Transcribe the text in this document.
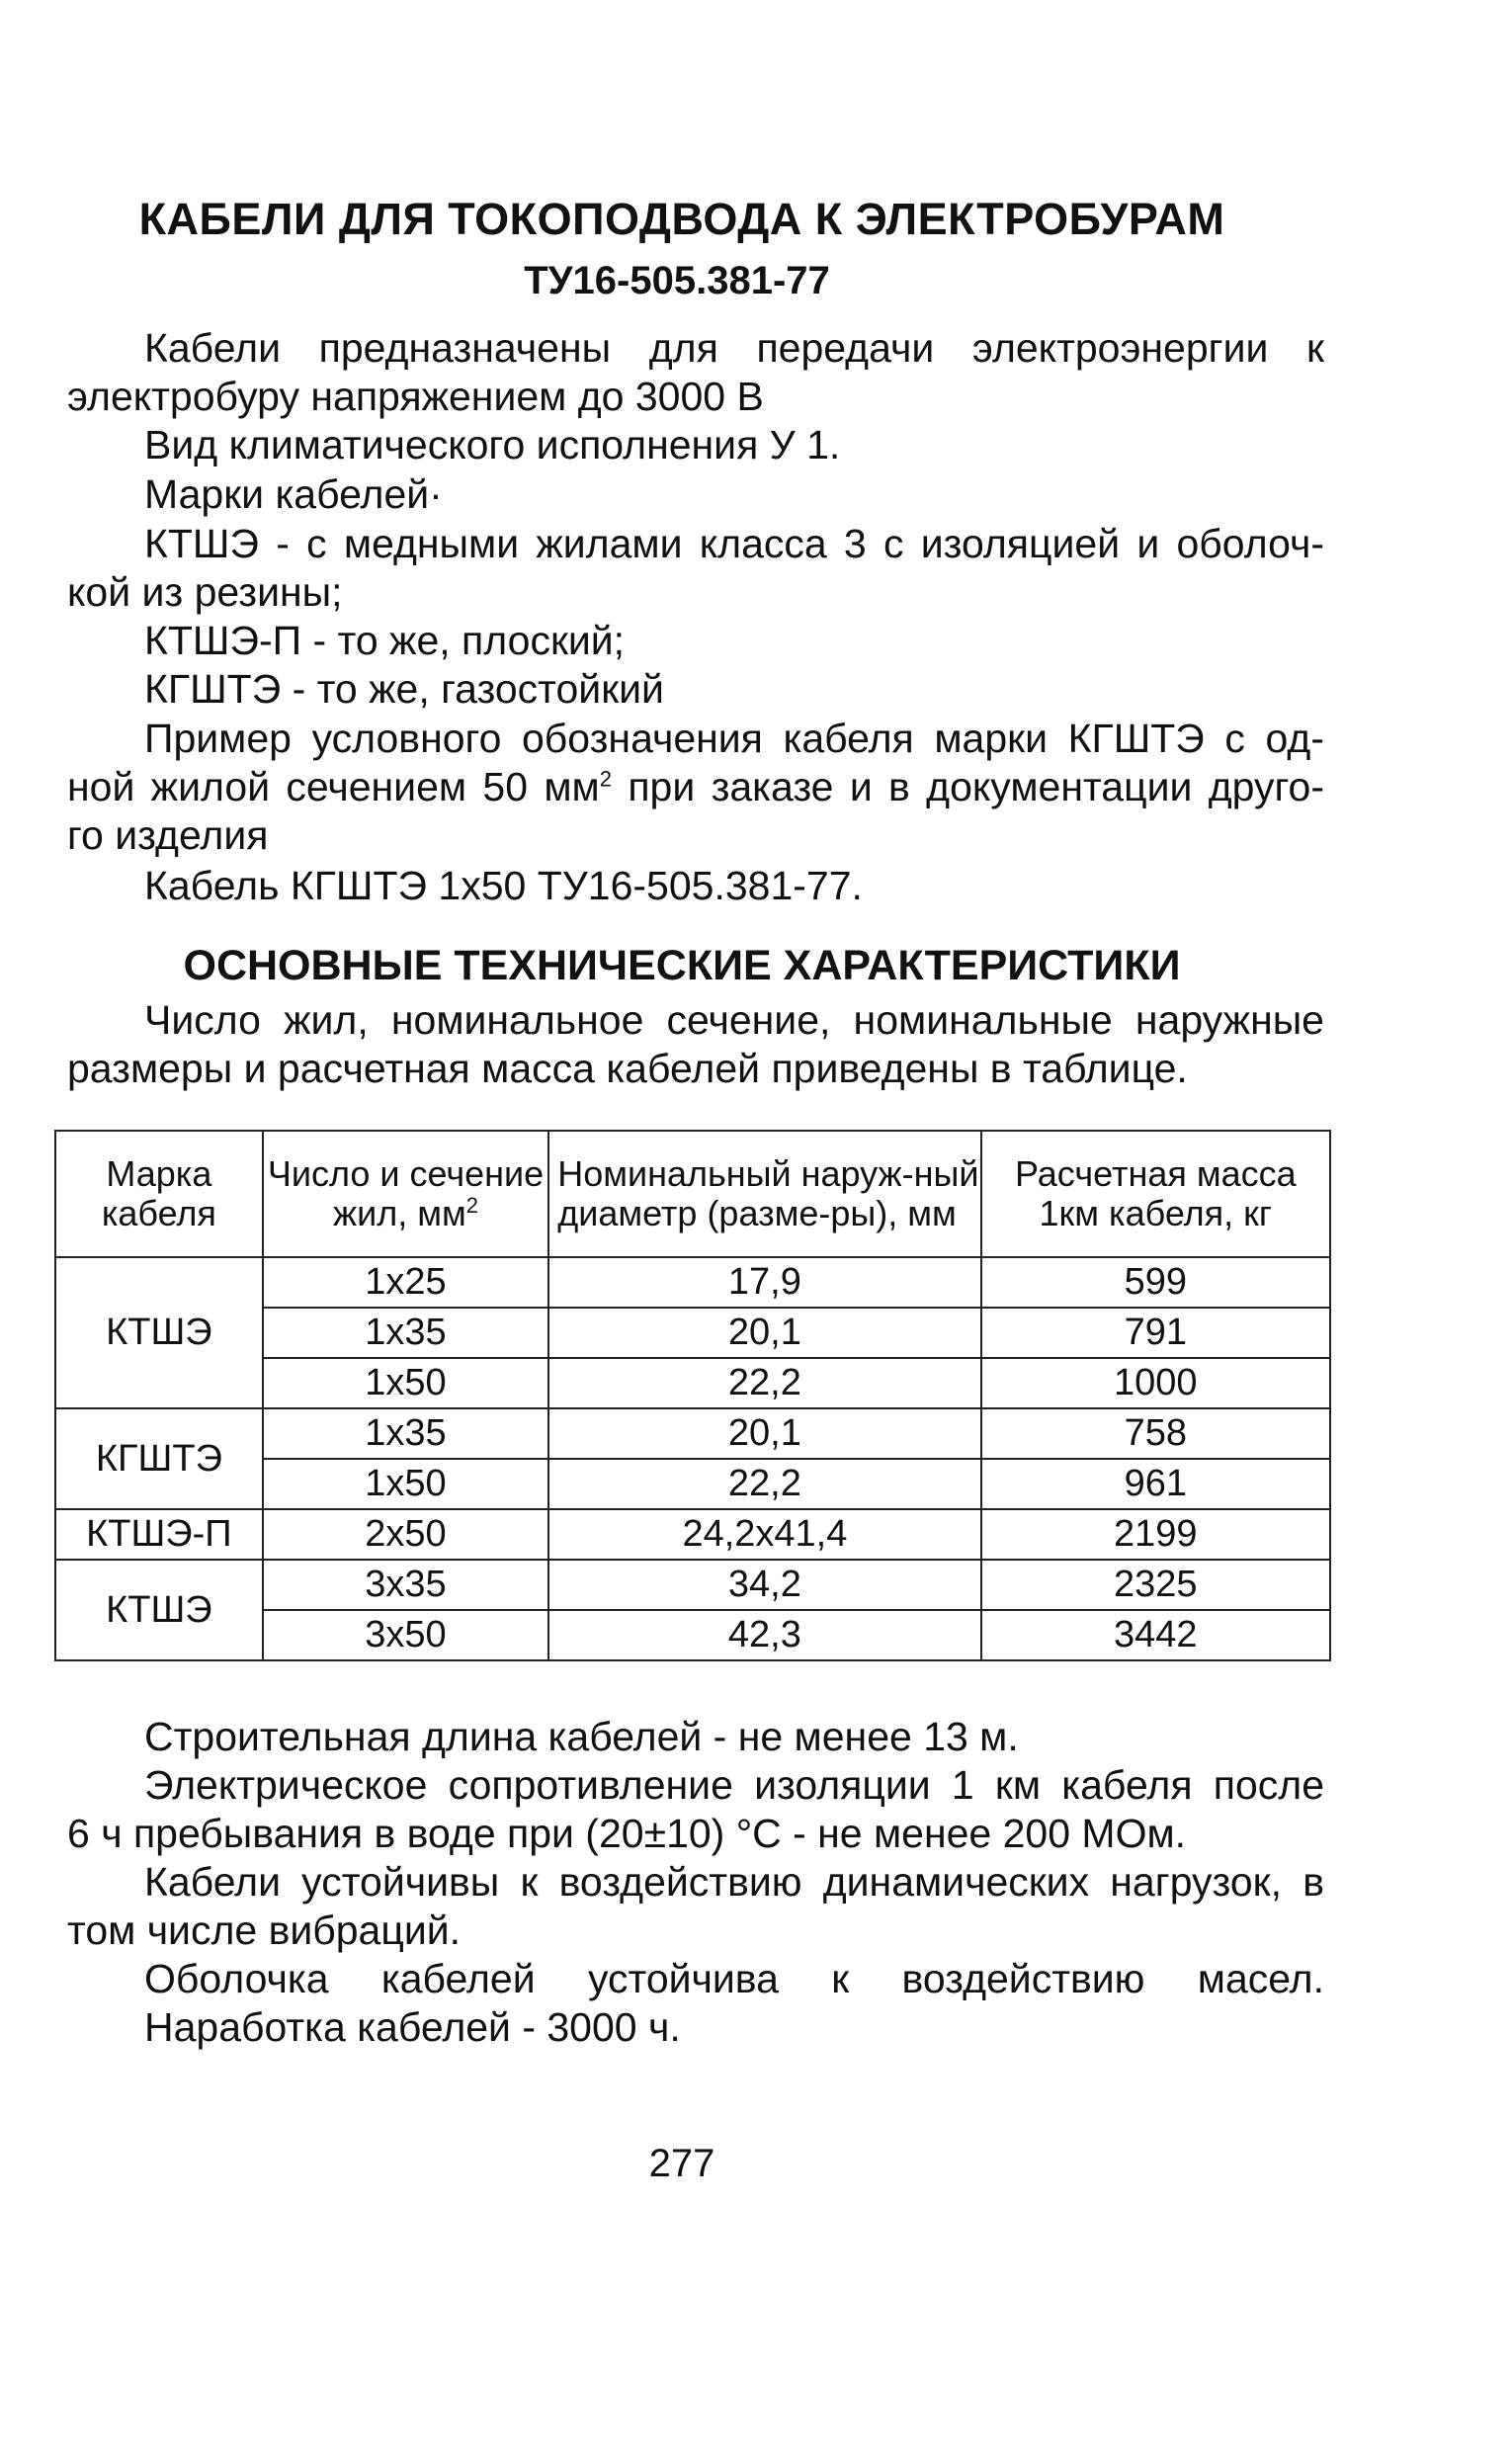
КАБЕЛИ ДЛЯ ТОКОПОДВОДА К ЭЛЕКТРОБУРАМ
ТУ16-505.381-77
Кабели предназначены для передачи электроэнергии к
электробуру напряжением до 3000 В
Вид климатического исполнения У 1.
Марки кабелей·
КТШЭ - с медными жилами класса 3 с изоляцией и оболоч-
кой из резины;
КТШЭ-П - то же, плоский;
КГШТЭ - то же, газостойкий
Пример условного обозначения кабеля марки КГШТЭ с од-
ной жилой сечением 50 $мм^2$ при заказе и в документации друго-
го изделия
Кабель КГШТЭ 1x50 ТУ16-505.381-77.
ОСНОВНЫЕ ТЕХНИЧЕСКИЕ ХАРАКТЕРИСТИКИ
Число жил, номинальное сечение, номинальные наружные
размеры и расчетная масса кабелей приведены в таблице.
Марка кабеля	Число и сечение жил, $мм^2$	Номинальный наруж-ный диаметр (разме-ры), мм	Расчетная масса 1км кабеля, кг
КТШЭ	1x25	17,9	599
	1x35	20,1	791
	1x50	22,2	1000
КГШТЭ	1x35	20,1	758
	1x50	22,2	961
КТШЭ-П	2x50	24,2x41,4	2199
КТШЭ	3x35	34,2	2325
	3x50	42,3	3442
Строительная длина кабелей - не менее 13 м.
Электрическое сопротивление изоляции 1 км кабеля после
6 ч пребывания в воде при (20±10) °С - не менее 200 МОм.
Кабели устойчивы к воздействию динамических нагрузок, в
том числе вибраций.
Оболочка кабелей устойчива к воздействию масел.
Наработка кабелей - 3000 ч.
277
